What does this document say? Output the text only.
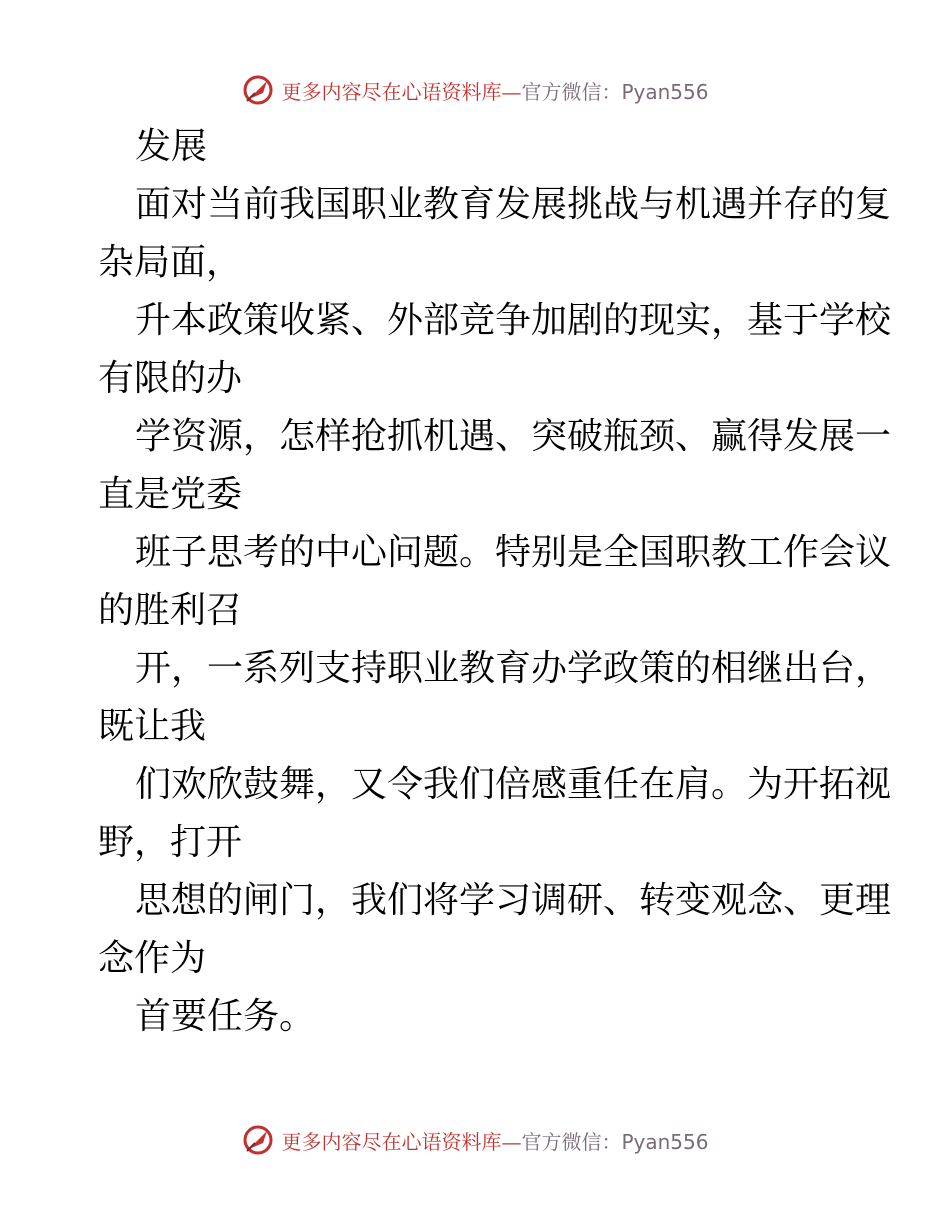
更多内容尽在心语资料库—官方微信：Pyan556
发展
面对当前我国职业教育发展挑战与机遇并存的复
杂局面，
升本政策收紧、外部竞争加剧的现实，基于学校
有限的办
学资源，怎样抢抓机遇、突破瓶颈、赢得发展一
直是党委
班子思考的中心问题。特别是全国职教工作会议
的胜利召
开，一系列支持职业教育办学政策的相继出台，
既让我
们欢欣鼓舞，又令我们倍感重任在肩。为开拓视
野，打开
思想的闸门，我们将学习调研、转变观念、更理
念作为
首要任务。
更多内容尽在心语资料库—官方微信：Pyan556
